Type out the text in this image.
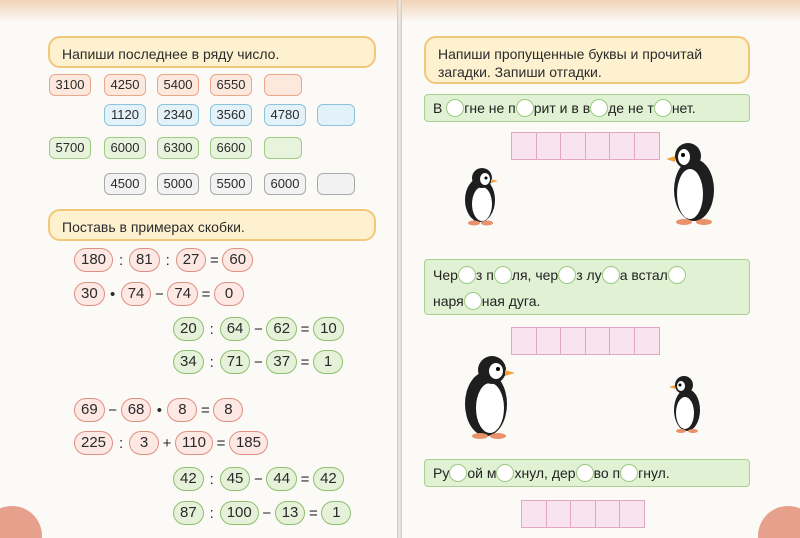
Напиши последнее в ряду число.
3100	4250	5400	6550
1120	2340	3560	4780
5700	6000	6300	6600
4500	5000	5500	6000
Поставь в примерах скобки.
180 : 81 : 27 = 60
30 • 74 − 74 = 0
20 : 64 − 62 = 10
34 : 71 − 37 = 1
69 − 68 •	8 = 8
225 :	3 + 110 = 185
42 : 45 − 44 = 42
87 : 100 − 13 = 1
Напиши пропущенные буквы и прочитай загадки. Запиши отгадки.
В гне не п рит и в в де не т нет.
Чер з п ля, чер з лу а встал
наря ная дуга.
Ру ой м хнул, дер во п гнул.
